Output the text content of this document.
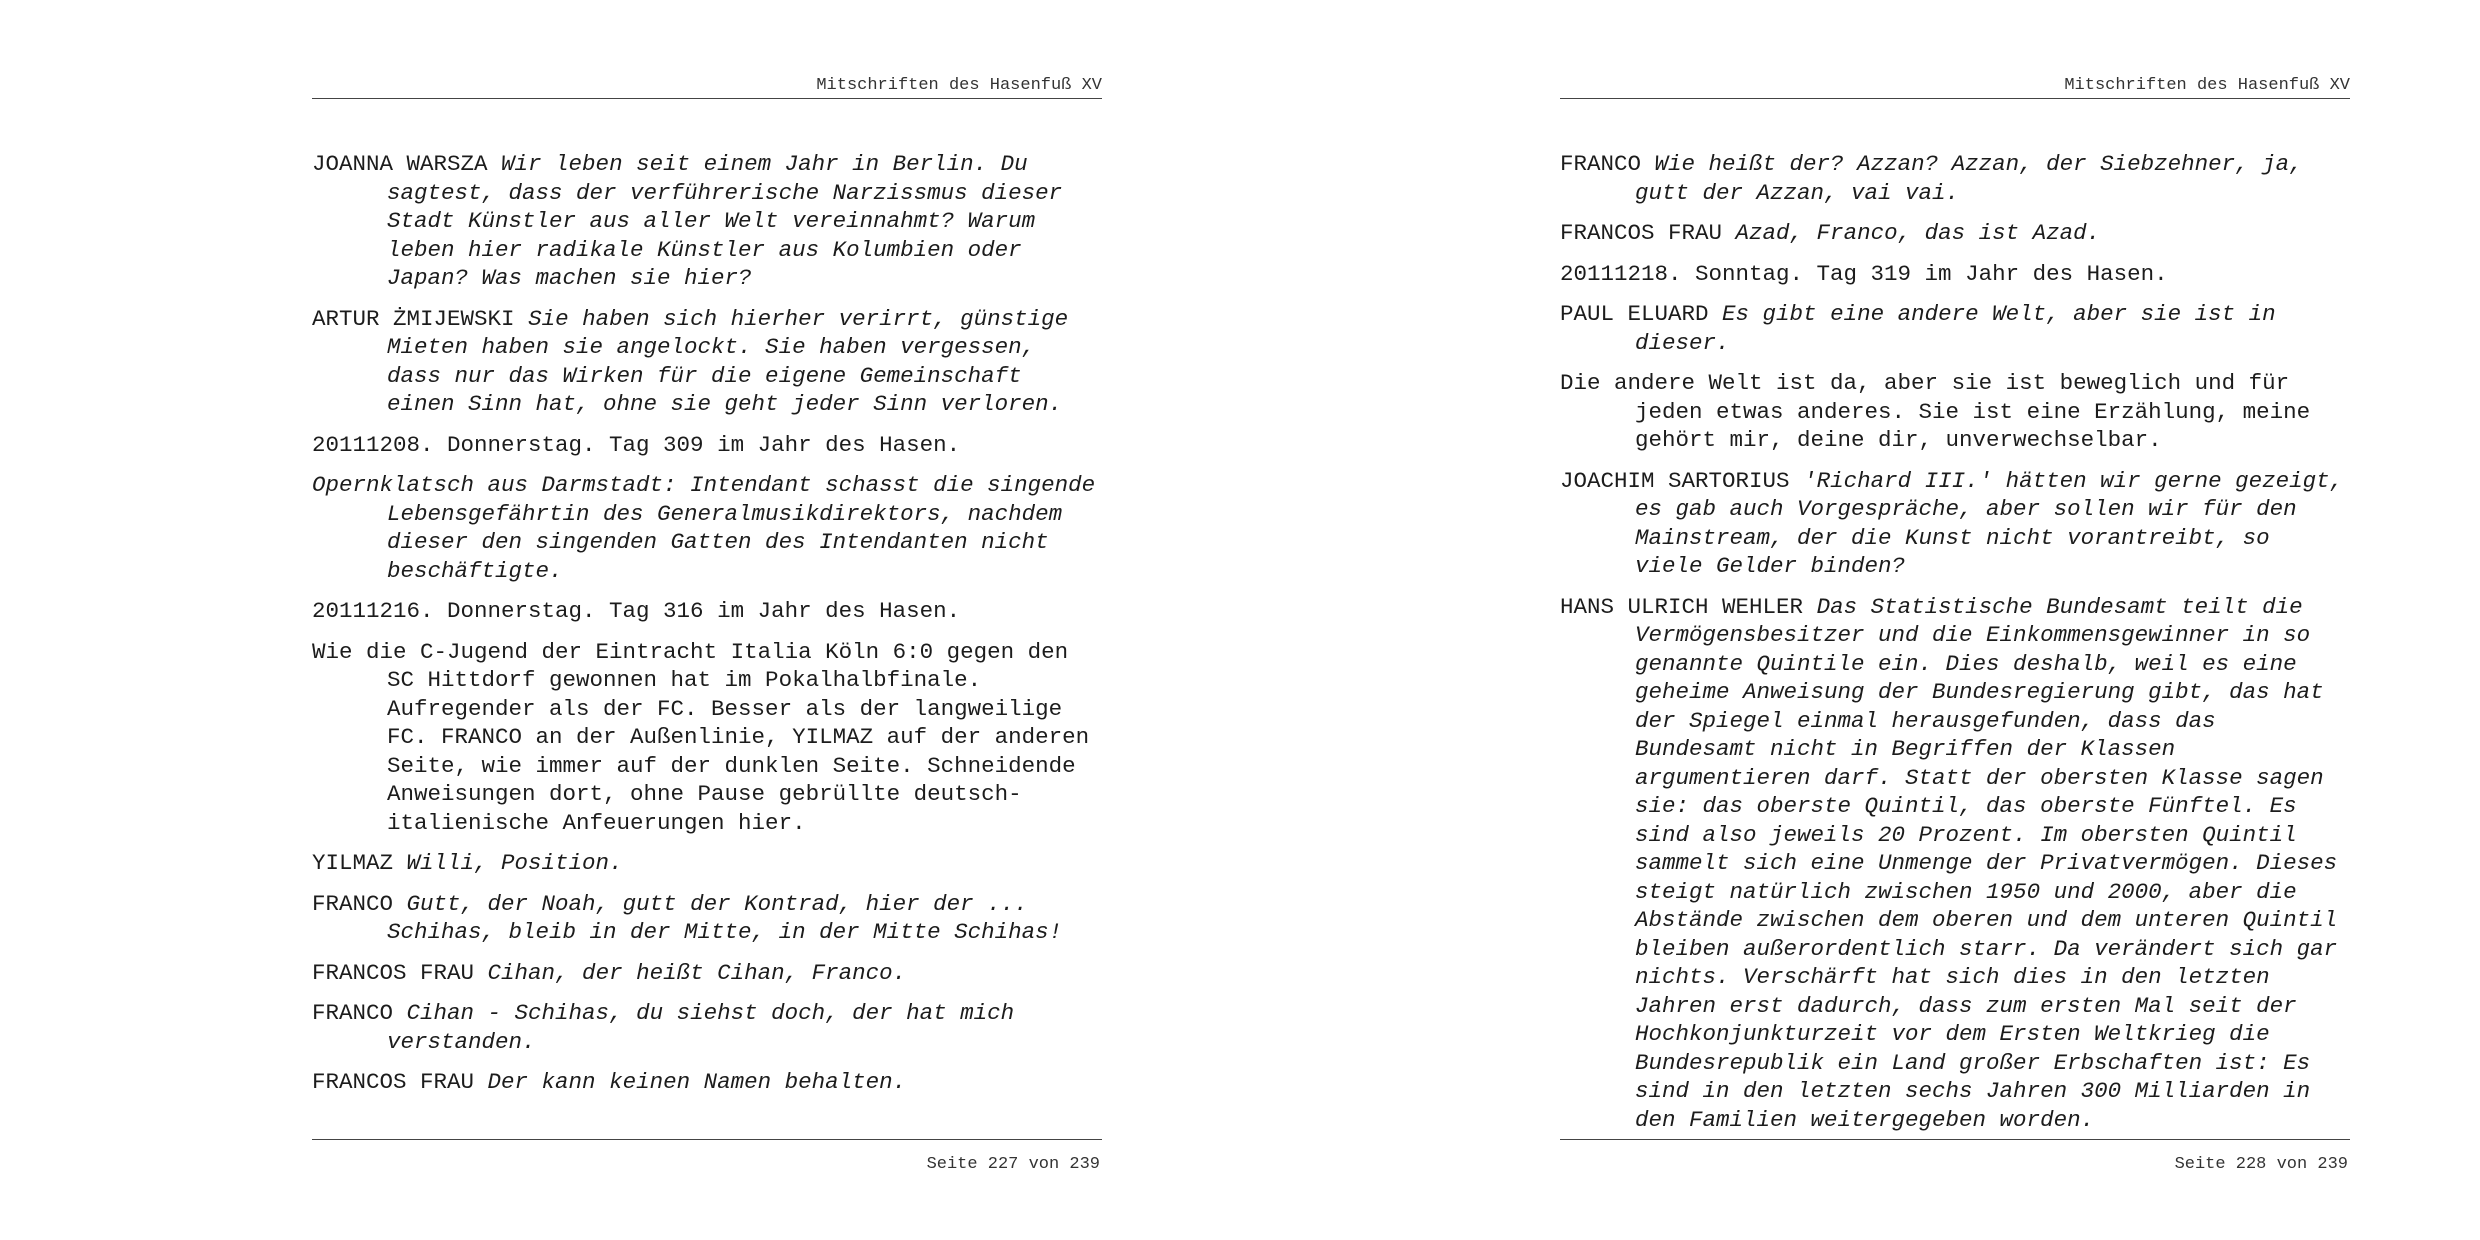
Mitschriften des Hasenfuß XV

JOANNA WARSZA Wir leben seit einem Jahr in Berlin. Du sagtest, dass der verführerische Narzissmus dieser Stadt Künstler aus aller Welt vereinnahmt? Warum leben hier radikale Künstler aus Kolumbien oder Japan? Was machen sie hier?

ARTUR ŻMIJEWSKI Sie haben sich hierher verirrt, günstige Mieten haben sie angelockt. Sie haben vergessen, dass nur das Wirken für die eigene Gemeinschaft einen Sinn hat, ohne sie geht jeder Sinn verloren.

20111208. Donnerstag. Tag 309 im Jahr des Hasen.

Opernklatsch aus Darmstadt: Intendant schasst die singende Lebensgefährtin des Generalmusikdirektors, nachdem dieser den singenden Gatten des Intendanten nicht beschäftigte.

20111216. Donnerstag. Tag 316 im Jahr des Hasen.

Wie die C-Jugend der Eintracht Italia Köln 6:0 gegen den SC Hittdorf gewonnen hat im Pokalhalbfinale. Aufregender als der FC. Besser als der langweilige FC. FRANCO an der Außenlinie, YILMAZ auf der anderen Seite, wie immer auf der dunklen Seite. Schneidende Anweisungen dort, ohne Pause gebrüllte deutsch-italienische Anfeuerungen hier.

YILMAZ Willi, Position.

FRANCO Gutt, der Noah, gutt der Kontrad, hier der ... Schihas, bleib in der Mitte, in der Mitte Schihas!

FRANCOS FRAU Cihan, der heißt Cihan, Franco.

FRANCO Cihan - Schihas, du siehst doch, der hat mich verstanden.

FRANCOS FRAU Der kann keinen Namen behalten.

Seite 227 von 239
Mitschriften des Hasenfuß XV

FRANCO Wie heißt der? Azzan? Azzan, der Siebzehner, ja, gutt der Azzan, vai vai.

FRANCOS FRAU Azad, Franco, das ist Azad.

20111218. Sonntag. Tag 319 im Jahr des Hasen.

PAUL ELUARD Es gibt eine andere Welt, aber sie ist in dieser.

Die andere Welt ist da, aber sie ist beweglich und für jeden etwas anderes. Sie ist eine Erzählung, meine gehört mir, deine dir, unverwechselbar.

JOACHIM SARTORIUS 'Richard III.' hätten wir gerne gezeigt, es gab auch Vorgespräche, aber sollen wir für den Mainstream, der die Kunst nicht vorantreibt, so viele Gelder binden?

HANS ULRICH WEHLER Das Statistische Bundesamt teilt die Vermögensbesitzer und die Einkommensgewinner in so genannte Quintile ein. Dies deshalb, weil es eine geheime Anweisung der Bundesregierung gibt, das hat der Spiegel einmal herausgefunden, dass das Bundesamt nicht in Begriffen der Klassen argumentieren darf. Statt der obersten Klasse sagen sie: das oberste Quintil, das oberste Fünftel. Es sind also jeweils 20 Prozent. Im obersten Quintil sammelt sich eine Unmenge der Privatvermögen. Dieses steigt natürlich zwischen 1950 und 2000, aber die Abstände zwischen dem oberen und dem unteren Quintil bleiben außerordentlich starr. Da verändert sich gar nichts. Verschärft hat sich dies in den letzten Jahren erst dadurch, dass zum ersten Mal seit der Hochkonjunkturzeit vor dem Ersten Weltkrieg die Bundesrepublik ein Land großer Erbschaften ist: Es sind in den letzten sechs Jahren 300 Milliarden in den Familien weitergegeben worden.

Seite 228 von 239
